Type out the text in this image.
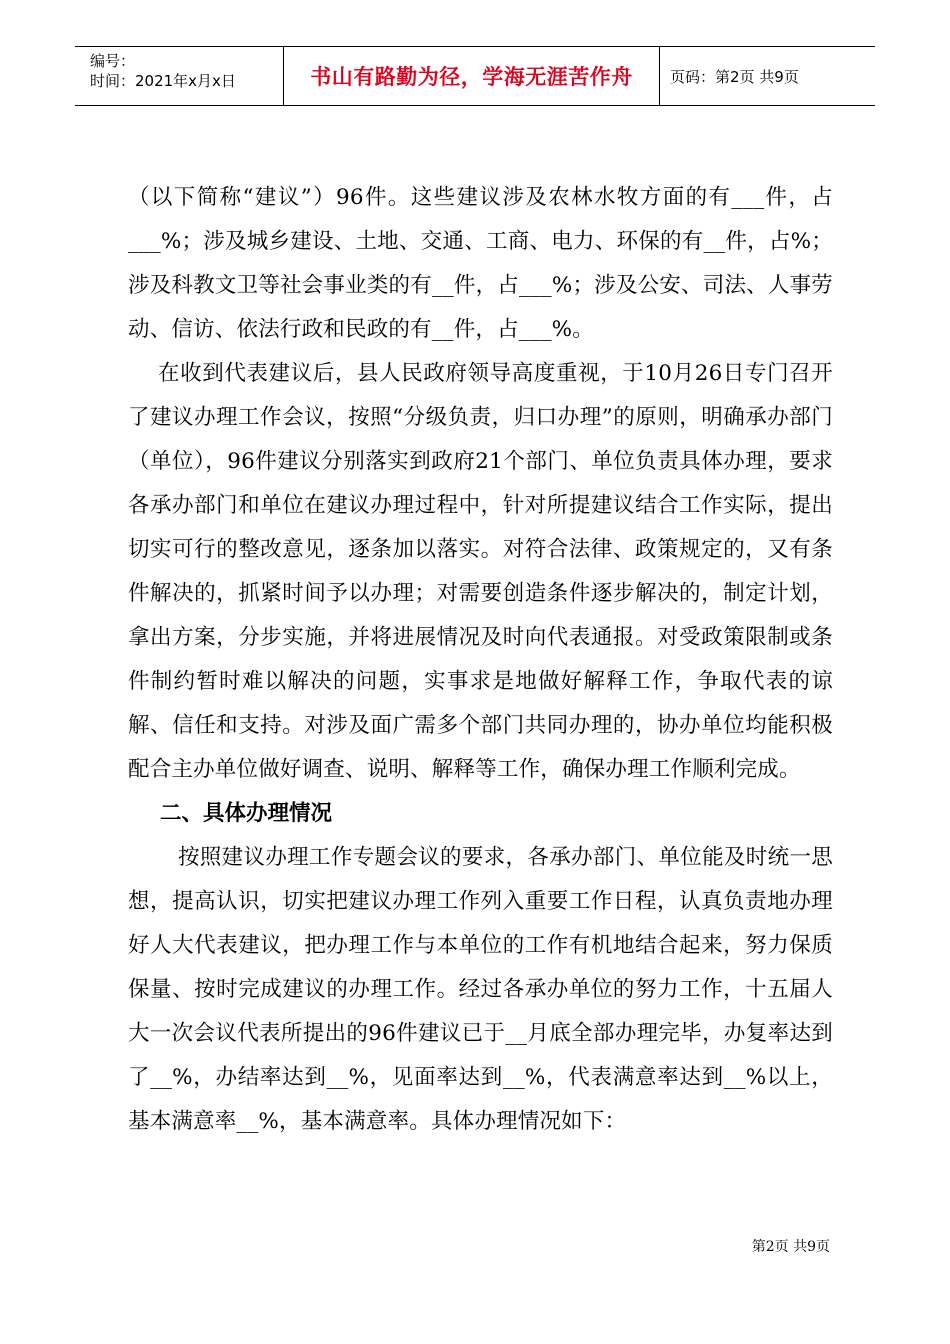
编号：
时间：2021年x月x日	书山有路勤为径，学海无涯苦作舟	页码：第2页 共9页

（以下简称“建议”）96件。这些建议涉及农林水牧方面的有___件，占___%；涉及城乡建设、土地、交通、工商、电力、环保的有__件，占%；涉及科教文卫等社会事业类的有__件，占___%；涉及公安、司法、人事劳动、信访、依法行政和民政的有__件，占___%。

在收到代表建议后，县人民政府领导高度重视，于10月26日专门召开了建议办理工作会议，按照“分级负责，归口办理”的原则，明确承办部门（单位），96件建议分别落实到政府21个部门、单位负责具体办理，要求各承办部门和单位在建议办理过程中，针对所提建议结合工作实际，提出切实可行的整改意见，逐条加以落实。对符合法律、政策规定的，又有条件解决的，抓紧时间予以办理；对需要创造条件逐步解决的，制定计划，拿出方案，分步实施，并将进展情况及时向代表通报。对受政策限制或条件制约暂时难以解决的问题，实事求是地做好解释工作，争取代表的谅解、信任和支持。对涉及面广需多个部门共同办理的，协办单位均能积极配合主办单位做好调查、说明、解释等工作，确保办理工作顺利完成。

二、具体办理情况

按照建议办理工作专题会议的要求，各承办部门、单位能及时统一思想，提高认识，切实把建议办理工作列入重要工作日程，认真负责地办理好人大代表建议，把办理工作与本单位的工作有机地结合起来，努力保质保量、按时完成建议的办理工作。经过各承办单位的努力工作，十五届人大一次会议代表所提出的96件建议已于__月底全部办理完毕，办复率达到了__%，办结率达到__%，见面率达到__%，代表满意率达到__%以上，基本满意率__%，基本满意率。具体办理情况如下：

第2页 共9页
